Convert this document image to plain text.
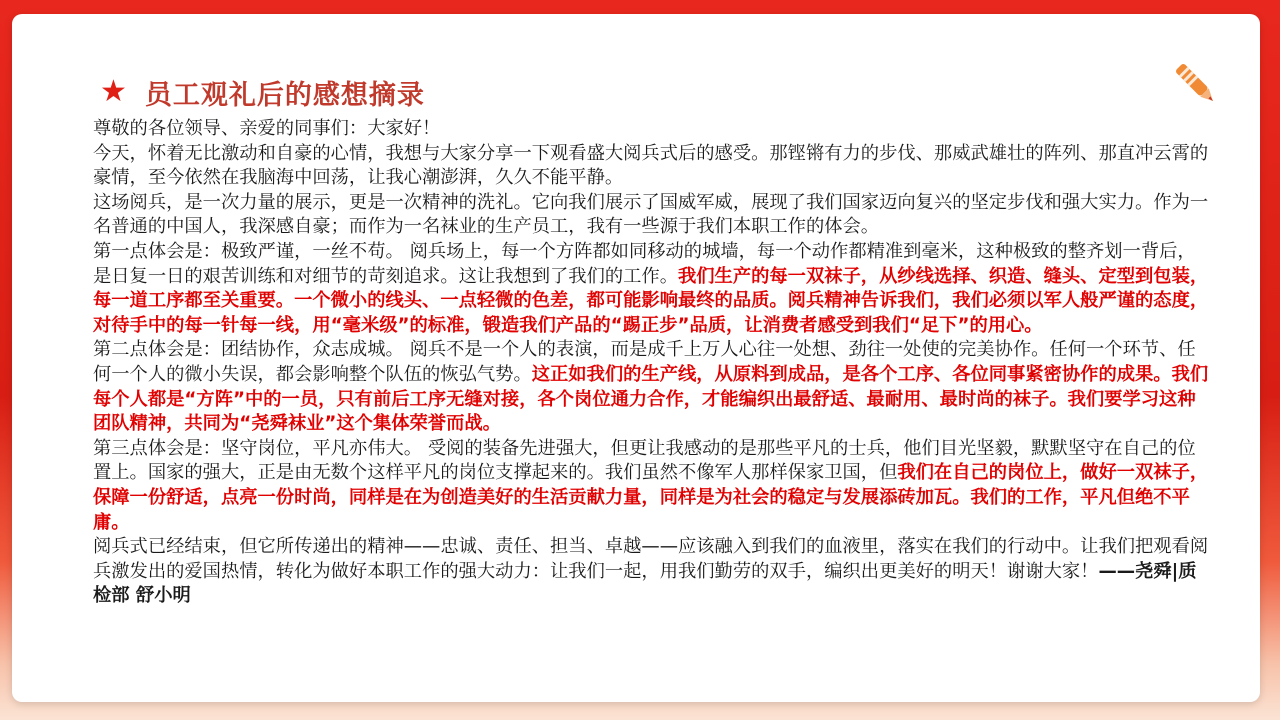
★ 员工观礼后的感想摘录

尊敬的各位领导、亲爱的同事们：大家好！

今天，怀着无比激动和自豪的心情，我想与大家分享一下观看盛大阅兵式后的感受。那铿锵有力的步伐、那威武雄壮的阵列、那直冲云霄的豪情，至今依然在我脑海中回荡，让我心潮澎湃，久久不能平静。

这场阅兵，是一次力量的展示，更是一次精神的洗礼。它向我们展示了国威军威，展现了我们国家迈向复兴的坚定步伐和强大实力。作为一名普通的中国人，我深感自豪；而作为一名袜业的生产员工，我有一些源于我们本职工作的体会。

第一点体会是：极致严谨，一丝不苟。 阅兵场上，每一个方阵都如同移动的城墙，每一个动作都精准到毫米，这种极致的整齐划一背后，是日复一日的艰苦训练和对细节的苛刻追求。这让我想到了我们的工作。我们生产的每一双袜子，从纱线选择、织造、缝头、定型到包装，每一道工序都至关重要。一个微小的线头、一点轻微的色差，都可能影响最终的品质。阅兵精神告诉我们，我们必须以军人般严谨的态度，对待手中的每一针每一线，用“毫米级”的标准，锻造我们产品的“踢正步”品质，让消费者感受到我们“足下”的用心。

第二点体会是：团结协作，众志成城。 阅兵不是一个人的表演，而是成千上万人心往一处想、劲往一处使的完美协作。任何一个环节、任何一个人的微小失误，都会影响整个队伍的恢弘气势。这正如我们的生产线，从原料到成品，是各个工序、各位同事紧密协作的成果。我们每个人都是“方阵”中的一员，只有前后工序无缝对接，各个岗位通力合作，才能编织出最舒适、最耐用、最时尚的袜子。我们要学习这种团队精神，共同为“尧舜袜业”这个集体荣誉而战。

第三点体会是：坚守岗位，平凡亦伟大。 受阅的装备先进强大，但更让我感动的是那些平凡的士兵，他们目光坚毅，默默坚守在自己的位置上。国家的强大，正是由无数个这样平凡的岗位支撑起来的。我们虽然不像军人那样保家卫国，但我们在自己的岗位上，做好一双袜子，保障一份舒适，点亮一份时尚，同样是在为创造美好的生活贡献力量，同样是为社会的稳定与发展添砖加瓦。我们的工作，平凡但绝不平庸。

阅兵式已经结束，但它所传递出的精神——忠诚、责任、担当、卓越——应该融入到我们的血液里，落实在我们的行动中。让我们把观看阅兵激发出的爱国热情，转化为做好本职工作的强大动力：让我们一起，用我们勤劳的双手，编织出更美好的明天！谢谢大家！——尧舜|质检部 舒小明
